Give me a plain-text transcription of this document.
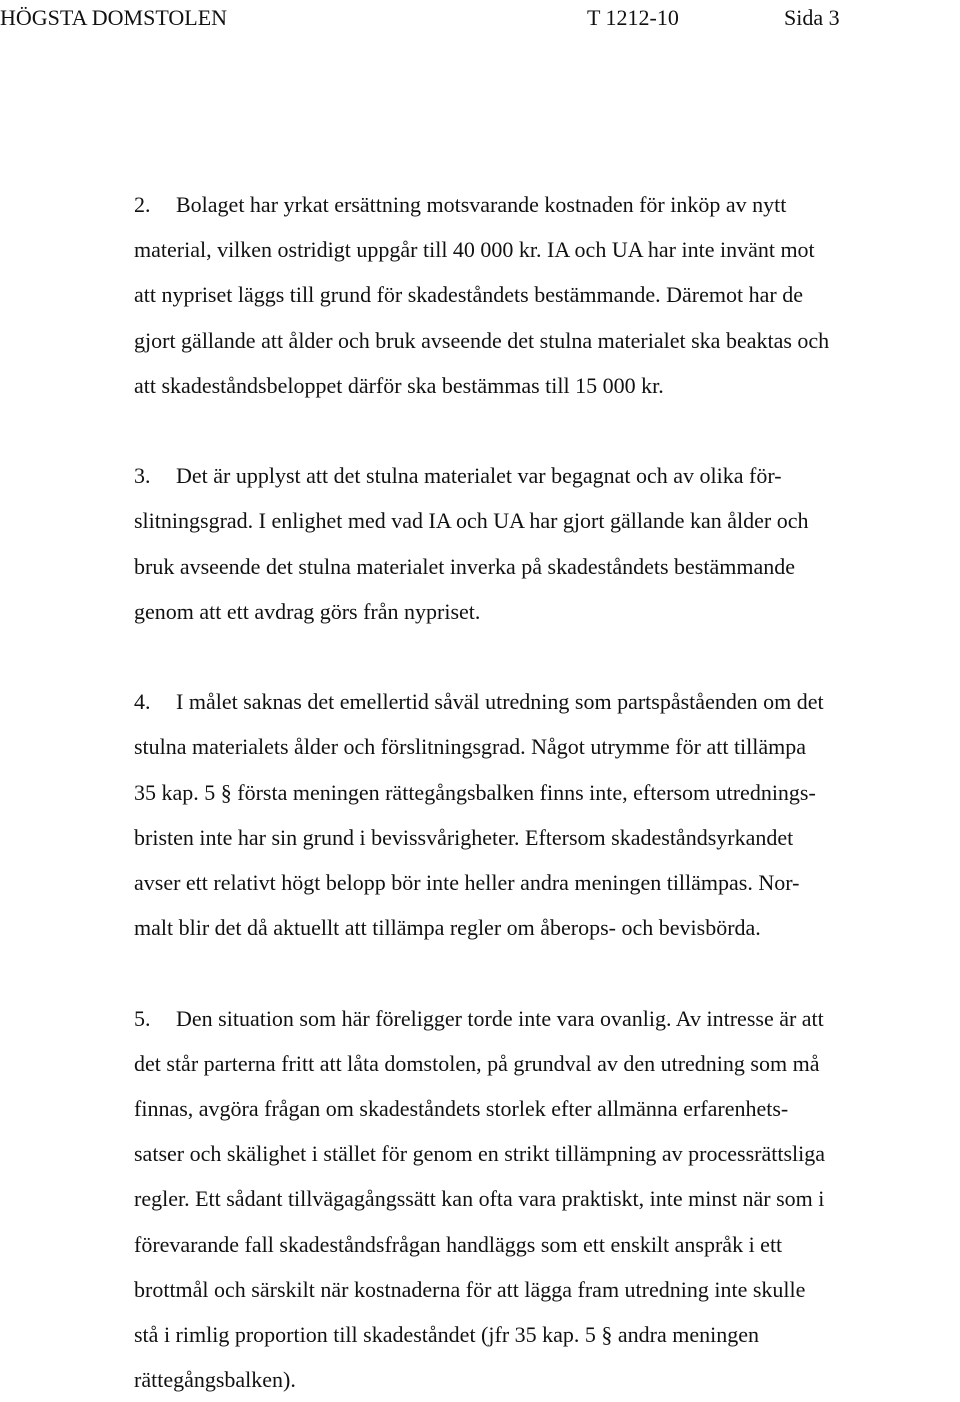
HÖGSTA DOMSTOLEN	T 1212-10	Sida 3
2. Bolaget har yrkat ersättning motsvarande kostnaden för inköp av nytt
material, vilken ostridigt uppgår till 40 000 kr. IA och UA har inte invänt mot
att nypriset läggs till grund för skadeståndets bestämmande. Däremot har de
gjort gällande att ålder och bruk avseende det stulna materialet ska beaktas och
att skadeståndsbeloppet därför ska bestämmas till 15 000 kr.
3. Det är upplyst att det stulna materialet var begagnat och av olika för-
slitningsgrad. I enlighet med vad IA och UA har gjort gällande kan ålder och
bruk avseende det stulna materialet inverka på skadeståndets bestämmande
genom att ett avdrag görs från nypriset.
4. I målet saknas det emellertid såväl utredning som partspåståenden om det
stulna materialets ålder och förslitningsgrad. Något utrymme för att tillämpa
35 kap. 5 § första meningen rättegångsbalken finns inte, eftersom utrednings-
bristen inte har sin grund i bevissvårigheter. Eftersom skadeståndsyrkandet
avser ett relativt högt belopp bör inte heller andra meningen tillämpas. Nor-
malt blir det då aktuellt att tillämpa regler om åberops- och bevisbörda.
5. Den situation som här föreligger torde inte vara ovanlig. Av intresse är att
det står parterna fritt att låta domstolen, på grundval av den utredning som må
finnas, avgöra frågan om skadeståndets storlek efter allmänna erfarenhets-
satser och skälighet i stället för genom en strikt tillämpning av processrättsliga
regler. Ett sådant tillvägagångssätt kan ofta vara praktiskt, inte minst när som i
förevarande fall skadeståndsfrågan handläggs som ett enskilt anspråk i ett
brottmål och särskilt när kostnaderna för att lägga fram utredning inte skulle
stå i rimlig proportion till skadeståndet (jfr 35 kap. 5 § andra meningen
rättegångsbalken).
